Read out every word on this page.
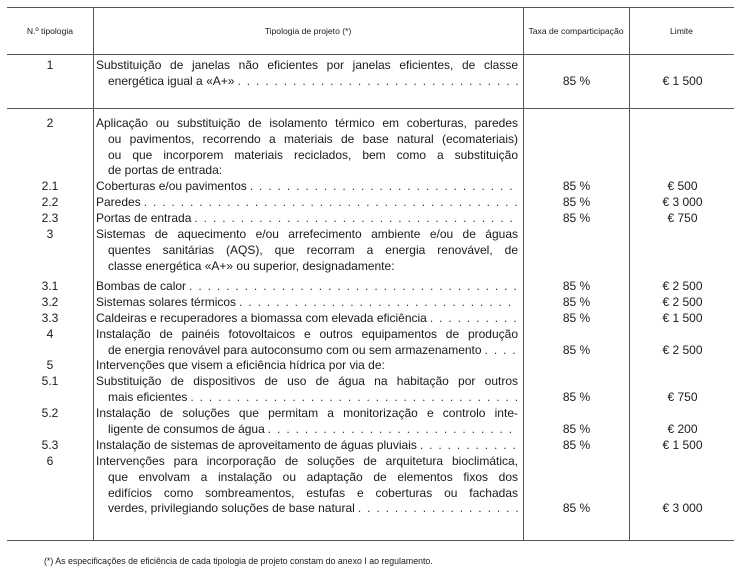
N.º tipologia	Tipologia de projeto (*)	Taxa de comparticipação	Limite
1	Substituição de janelas não eficientes por janelas eficientes, de classe
energética igual a «A+» . . .	85 %	€ 1 500
2	Aplicação ou substituição de isolamento térmico em coberturas, paredes
ou pavimentos, recorrendo a materiais de base natural (ecomateriais)
ou que incorporem materiais reciclados, bem como a substituição
de portas de entrada:
2.1	Coberturas e/ou pavimentos . . .	85 %	€ 500
2.2	Paredes . . .	85 %	€ 3 000
2.3	Portas de entrada . . .	85 %	€ 750
3	Sistemas de aquecimento e/ou arrefecimento ambiente e/ou de águas
quentes sanitárias (AQS), que recorram a energia renovável, de
classe energética «A+» ou superior, designadamente:
3.1	Bombas de calor . . .	85 %	€ 2 500
3.2	Sistemas solares térmicos . . .	85 %	€ 2 500
3.3	Caldeiras e recuperadores a biomassa com elevada eficiência . . .	85 %	€ 1 500
4	Instalação de painéis fotovoltaicos e outros equipamentos de produção
de energia renovável para autoconsumo com ou sem armazenamento . . .	85 %	€ 2 500
5	Intervenções que visem a eficiência hídrica por via de:
5.1	Substituição de dispositivos de uso de água na habitação por outros
mais eficientes . . .	85 %	€ 750
5.2	Instalação de soluções que permitam a monitorização e controlo inte-
ligente de consumos de água . . .	85 %	€ 200
5.3	Instalação de sistemas de aproveitamento de águas pluviais . . .	85 %	€ 1 500
6	Intervenções para incorporação de soluções de arquitetura bioclimática,
que envolvam a instalação ou adaptação de elementos fixos dos
edifícios como sombreamentos, estufas e coberturas ou fachadas
verdes, privilegiando soluções de base natural . . .	85 %	€ 3 000
(*) As especificações de eficiência de cada tipologia de projeto constam do anexo I ao regulamento.
